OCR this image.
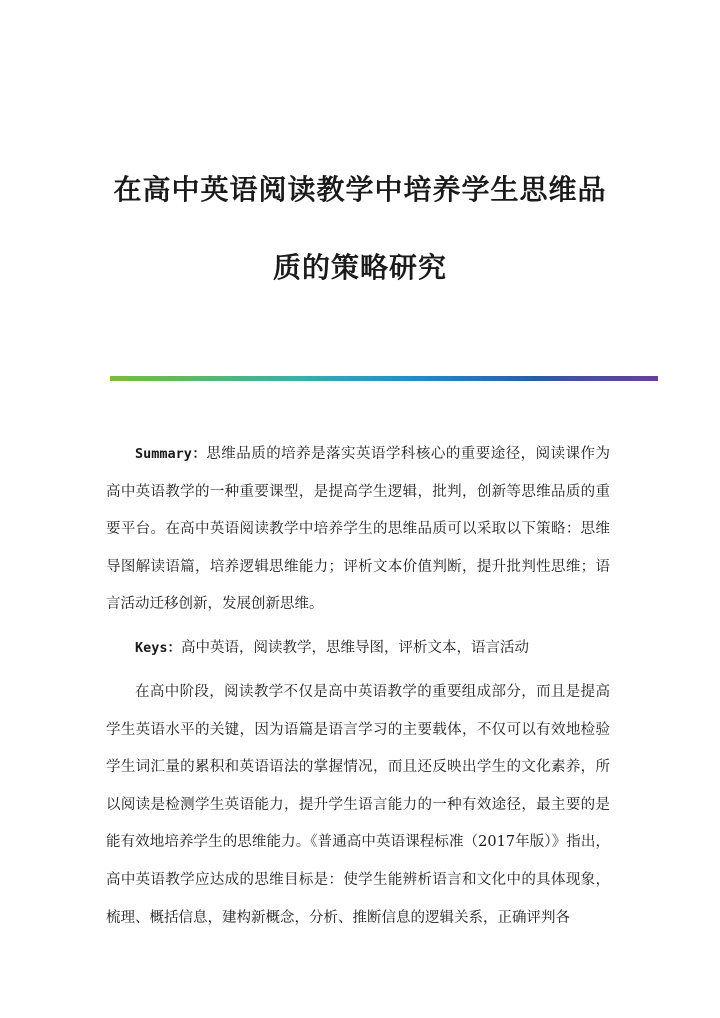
在高中英语阅读教学中培养学生思维品
质的策略研究

Summary：思维品质的培养是落实英语学科核心的重要途径，阅读课作为高中英语教学的一种重要课型，是提高学生逻辑，批判，创新等思维品质的重要平台。在高中英语阅读教学中培养学生的思维品质可以采取以下策略：思维导图解读语篇，培养逻辑思维能力；评析文本价值判断，提升批判性思维；语言活动迁移创新，发展创新思维。

Keys：高中英语，阅读教学，思维导图，评析文本，语言活动

在高中阶段，阅读教学不仅是高中英语教学的重要组成部分，而且是提高学生英语水平的关键，因为语篇是语言学习的主要载体，不仅可以有效地检验学生词汇量的累积和英语语法的掌握情况，而且还反映出学生的文化素养，所以阅读是检测学生英语能力，提升学生语言能力的一种有效途径，最主要的是能有效地培养学生的思维能力。《普通高中英语课程标准（2017年版）》指出，高中英语教学应达成的思维目标是：使学生能辨析语言和文化中的具体现象，梳理、概括信息，建构新概念，分析、推断信息的逻辑关系，正确评判各
